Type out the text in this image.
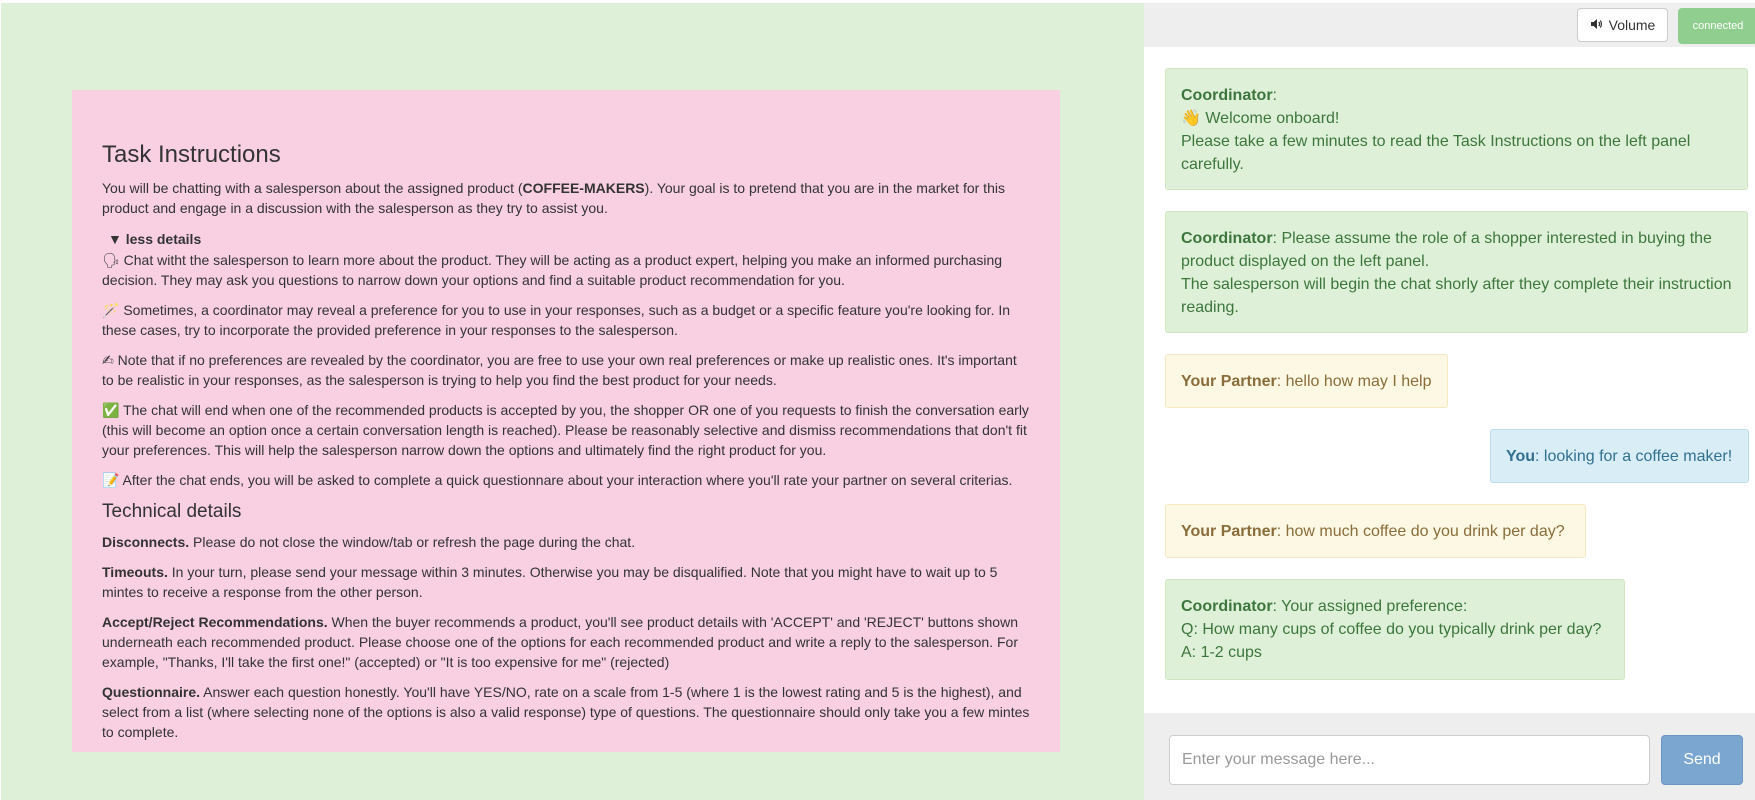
Task Instructions

You will be chatting with a salesperson about the assigned product (COFFEE-MAKERS). Your goal is to pretend that you are in the market for this product and engage in a discussion with the salesperson as they try to assist you.

▼ less details

🗣 Chat witht the salesperson to learn more about the product. They will be acting as a product expert, helping you make an informed purchasing decision. They may ask you questions to narrow down your options and find a suitable product recommendation for you.

🪄 Sometimes, a coordinator may reveal a preference for you to use in your responses, such as a budget or a specific feature you're looking for. In these cases, try to incorporate the provided preference in your responses to the salesperson.

✍ Note that if no preferences are revealed by the coordinator, you are free to use your own real preferences or make up realistic ones. It's important to be realistic in your responses, as the salesperson is trying to help you find the best product for your needs.

✅ The chat will end when one of the recommended products is accepted by you, the shopper OR one of you requests to finish the conversation early (this will become an option once a certain conversation length is reached). Please be reasonably selective and dismiss recommendations that don't fit your preferences. This will help the salesperson narrow down the options and ultimately find the right product for you.

📝 After the chat ends, you will be asked to complete a quick questionnare about your interaction where you'll rate your partner on several criterias.

Technical details

Disconnects. Please do not close the window/tab or refresh the page during the chat.

Timeouts. In your turn, please send your message within 3 minutes. Otherwise you may be disqualified. Note that you might have to wait up to 5 mintes to receive a response from the other person.

Accept/Reject Recommendations. When the buyer recommends a product, you'll see product details with 'ACCEPT' and 'REJECT' buttons shown underneath each recommended product. Please choose one of the options for each recommended product and write a reply to the salesperson. For example, "Thanks, I'll take the first one!" (accepted) or "It is too expensive for me" (rejected)

Questionnaire. Answer each question honestly. You'll have YES/NO, rate on a scale from 1-5 (where 1 is the lowest rating and 5 is the highest), and select from a list (where selecting none of the options is also a valid response) type of questions. The questionnaire should only take you a few mintes to complete.

Volume	connected
Coordinator:
👋 Welcome onboard!
Please take a few minutes to read the Task Instructions on the left panel carefully.
Coordinator: Please assume the role of a shopper interested in buying the product displayed on the left panel.
The salesperson will begin the chat shorly after they complete their instruction reading.
Your Partner: hello how may I help
You: looking for a coffee maker!
Your Partner: how much coffee do you drink per day?
Coordinator: Your assigned preference:
Q: How many cups of coffee do you typically drink per day?
A: 1-2 cups
Enter your message here...
Send
